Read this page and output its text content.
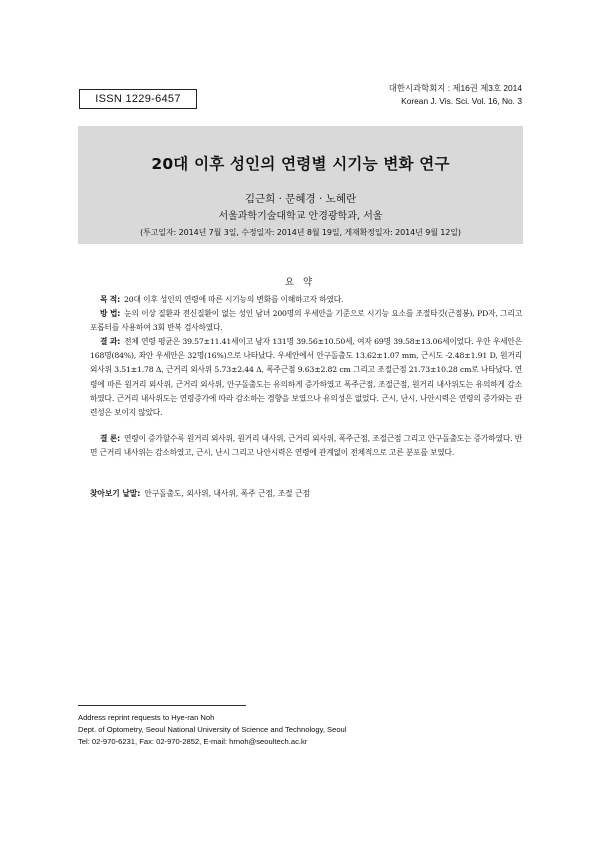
ISSN 1229-6457
대한시과학회지 : 제16권 제3호 2014
Korean J. Vis. Sci. Vol. 16, No. 3
20대 이후 성인의 연령별 시기능 변화 연구
김근희 · 문혜경 · 노혜란
서울과학기술대학교 안경광학과, 서울
(투고일자: 2014년 7월 3일, 수정일자: 2014년 8월 19일, 게재확정일자: 2014년 9월 12일)
요 약
목 적: 20대 이후 성인의 연령에 따른 시기능의 변화를 이해하고자 하였다.
방 법: 눈의 이상 질환과 전신질환이 없는 성인 남녀 200명의 우세안을 기준으로 시기능 요소를 조절타깃(근점봉), PD자, 그리고 포롭터를 사용하여 3회 반복 검사하였다.
결 과: 전체 연령 평균은 39.57±11.41세이고 남자 131명 39.56±10.50세, 여자 69명 39.58±13.06세이었다. 우안 우세안은 168명(84%), 좌안 우세안은 32명(16%)으로 나타났다. 우세안에서 안구돌출도 13.62±1.07 mm, 근시도 -2.48±1.91 D, 원거리 외사위 3.51±1.78 Δ, 근거리 외사위 5.73±2.44 Δ, 폭주근점 9.63±2.82 cm 그리고 조절근점 21.73±10.28 cm로 나타났다. 연령에 따른 원거리 외사위, 근거리 외사위, 안구돌출도는 유의하게 증가하였고 폭주근점, 조절근점, 원거리 내사위도는 유의하게 감소하였다. 근거리 내사위도는 연령증가에 따라 감소하는 경향을 보였으나 유의성은 없었다. 근시, 난시, 나안시력은 연령의 증가와는 관련성은 보이지 않았다.
결 론: 연령이 증가할수록 원거리 외사위, 원거리 내사위, 근거리 외사위, 폭주근점, 조절근점 그리고 안구돌출도는 증가하였다. 반면 근거리 내사위는 감소하였고, 근시, 난시 그리고 나안시력은 연령에 관계없이 전체적으로 고른 분포를 보였다.
찾아보기 낱말: 안구돌출도, 외사위, 내사위, 폭주 근점, 조절 근점
Address reprint requests to Hye-ran Noh
Dept. of Optometry, Seoul National University of Science and Technology, Seoul
Tel: 02-970-6231, Fax: 02-970-2852, E-mail: hrnoh@seoultech.ac.kr
